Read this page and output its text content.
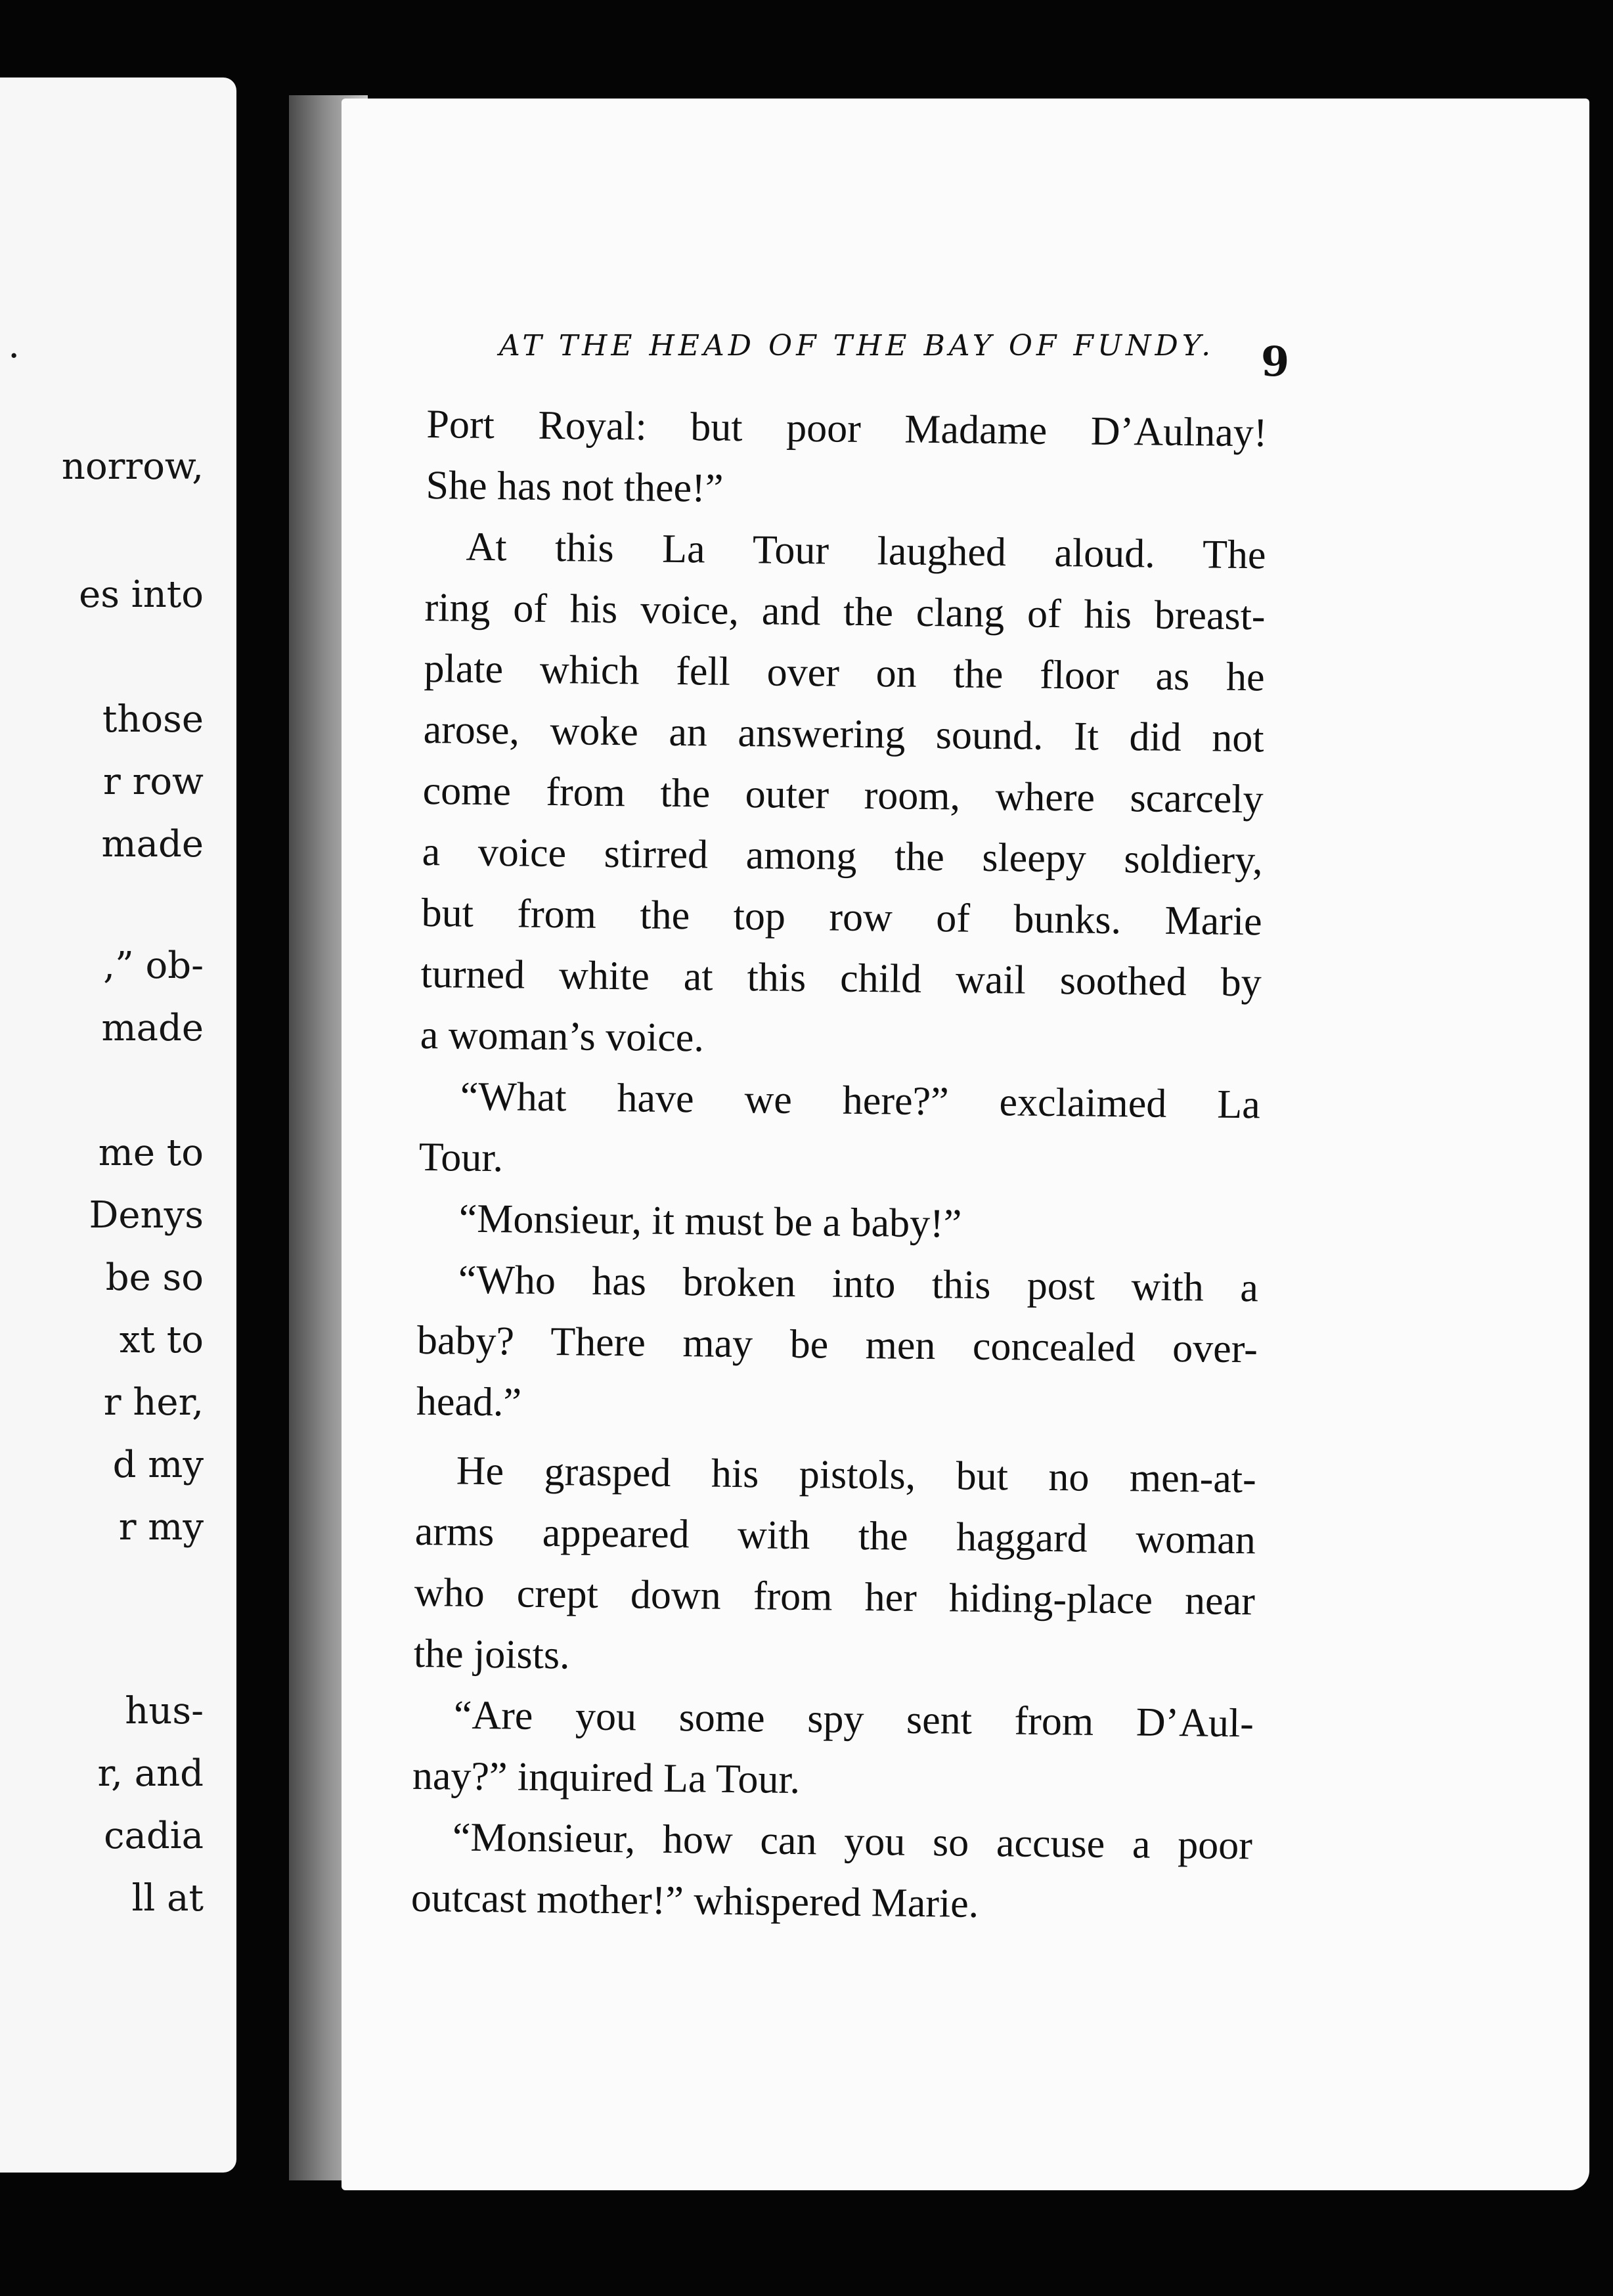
.
norrow,
es into
those
r row
made
,” ob-
made
me to
Denys
be so
xt to
r her,
d my
r my
hus-
r, and
cadia
ll at
AT THE HEAD OF THE BAY OF FUNDY.	9
Port Royal: but poor Madame D’Aulnay!
She has not thee!”
At this La Tour laughed aloud. The
ring of his voice, and the clang of his breast-
plate which fell over on the floor as he
arose, woke an answering sound. It did not
come from the outer room, where scarcely
a voice stirred among the sleepy soldiery,
but from the top row of bunks. Marie
turned white at this child wail soothed by
a woman’s voice.
“What have we here?” exclaimed La
Tour.
“Monsieur, it must be a baby!”
“Who has broken into this post with a
baby? There may be men concealed over-
head.”
He grasped his pistols, but no men-at-
arms appeared with the haggard woman
who crept down from her hiding-place near
the joists.
“Are you some spy sent from D’Aul-
nay?” inquired La Tour.
“Monsieur, how can you so accuse a poor
outcast mother!” whispered Marie.
